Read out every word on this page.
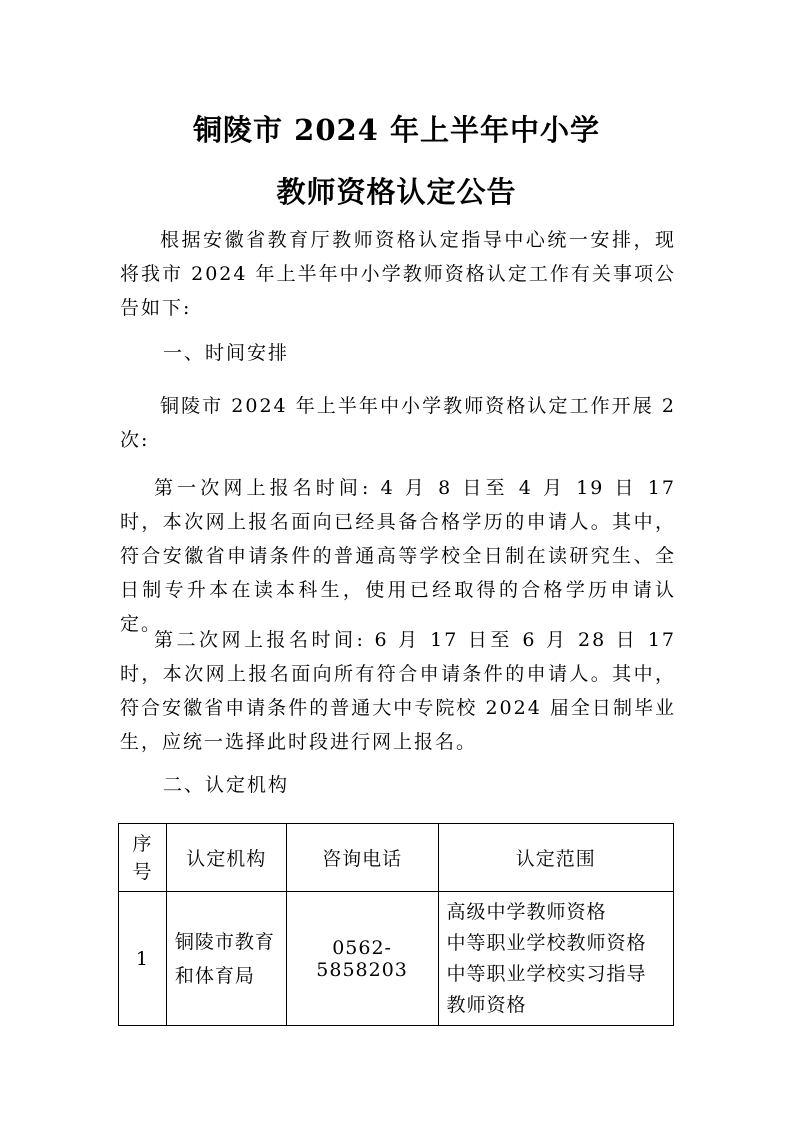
铜陵市 2024 年上半年中小学
教师资格认定公告

根据安徽省教育厅教师资格认定指导中心统一安排，现将我市 2024 年上半年中小学教师资格认定工作有关事项公告如下:

一、时间安排

铜陵市 2024 年上半年中小学教师资格认定工作开展 2 次:

第一次网上报名时间: 4 月 8 日至 4 月 19 日 17 时，本次网上报名面向已经具备合格学历的申请人。其中，符合安徽省申请条件的普通高等学校全日制在读研究生、全日制专升本在读本科生，使用已经取得的合格学历申请认定。

第二次网上报名时间: 6 月 17 日至 6 月 28 日 17 时，本次网上报名面向所有符合申请条件的申请人。其中，符合安徽省申请条件的普通大中专院校 2024 届全日制毕业生，应统一选择此时段进行网上报名。

二、认定机构

序
号	认定机构	咨询电话	认定范围
1	铜陵市教育和体育局	0562-5858203	高级中学教师资格
中等职业学校教师资格
中等职业学校实习指导
教师资格
